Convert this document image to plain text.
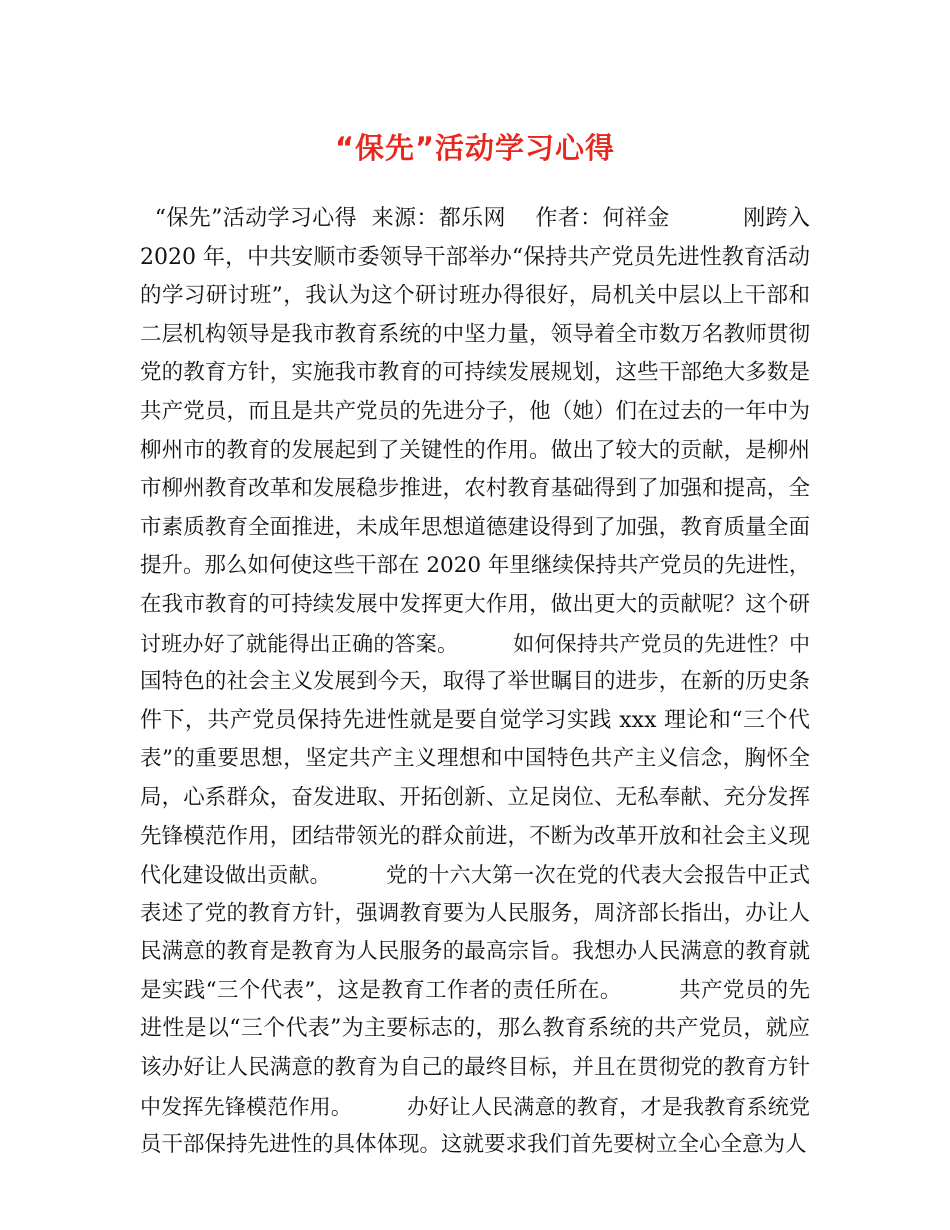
“保先”活动学习心得
“保先”活动学习心得  来源：都乐网    作者：何祥金          刚跨入
2020 年，中共安顺市委领导干部举办“保持共产党员先进性教育活动
的学习研讨班”，我认为这个研讨班办得很好，局机关中层以上干部和
二层机构领导是我市教育系统的中坚力量，领导着全市数万名教师贯彻
党的教育方针，实施我市教育的可持续发展规划，这些干部绝大多数是
共产党员，而且是共产党员的先进分子，他（她）们在过去的一年中为
柳州市的教育的发展起到了关键性的作用。做出了较大的贡献，是柳州
市柳州教育改革和发展稳步推进，农村教育基础得到了加强和提高，全
市素质教育全面推进，未成年思想道德建设得到了加强，教育质量全面
提升。那么如何使这些干部在 2020 年里继续保持共产党员的先进性，
在我市教育的可持续发展中发挥更大作用，做出更大的贡献呢？这个研
讨班办好了就能得出正确的答案。        如何保持共产党员的先进性？中
国特色的社会主义发展到今天，取得了举世瞩目的进步，在新的历史条
件下，共产党员保持先进性就是要自觉学习实践 xxx 理论和“三个代
表”的重要思想，坚定共产主义理想和中国特色共产主义信念，胸怀全
局，心系群众，奋发进取、开拓创新、立足岗位、无私奉献、充分发挥
先锋模范作用，团结带领光的群众前进，不断为改革开放和社会主义现
代化建设做出贡献。        党的十六大第一次在党的代表大会报告中正式
表述了党的教育方针，强调教育要为人民服务，周济部长指出，办让人
民满意的教育是教育为人民服务的最高宗旨。我想办人民满意的教育就
是实践“三个代表”，这是教育工作者的责任所在。        共产党员的先
进性是以“三个代表”为主要标志的，那么教育系统的共产党员，就应
该办好让人民满意的教育为自己的最终目标，并且在贯彻党的教育方针
中发挥先锋模范作用。        办好让人民满意的教育，才是我教育系统党
员干部保持先进性的具体体现。这就要求我们首先要树立全心全意为人
